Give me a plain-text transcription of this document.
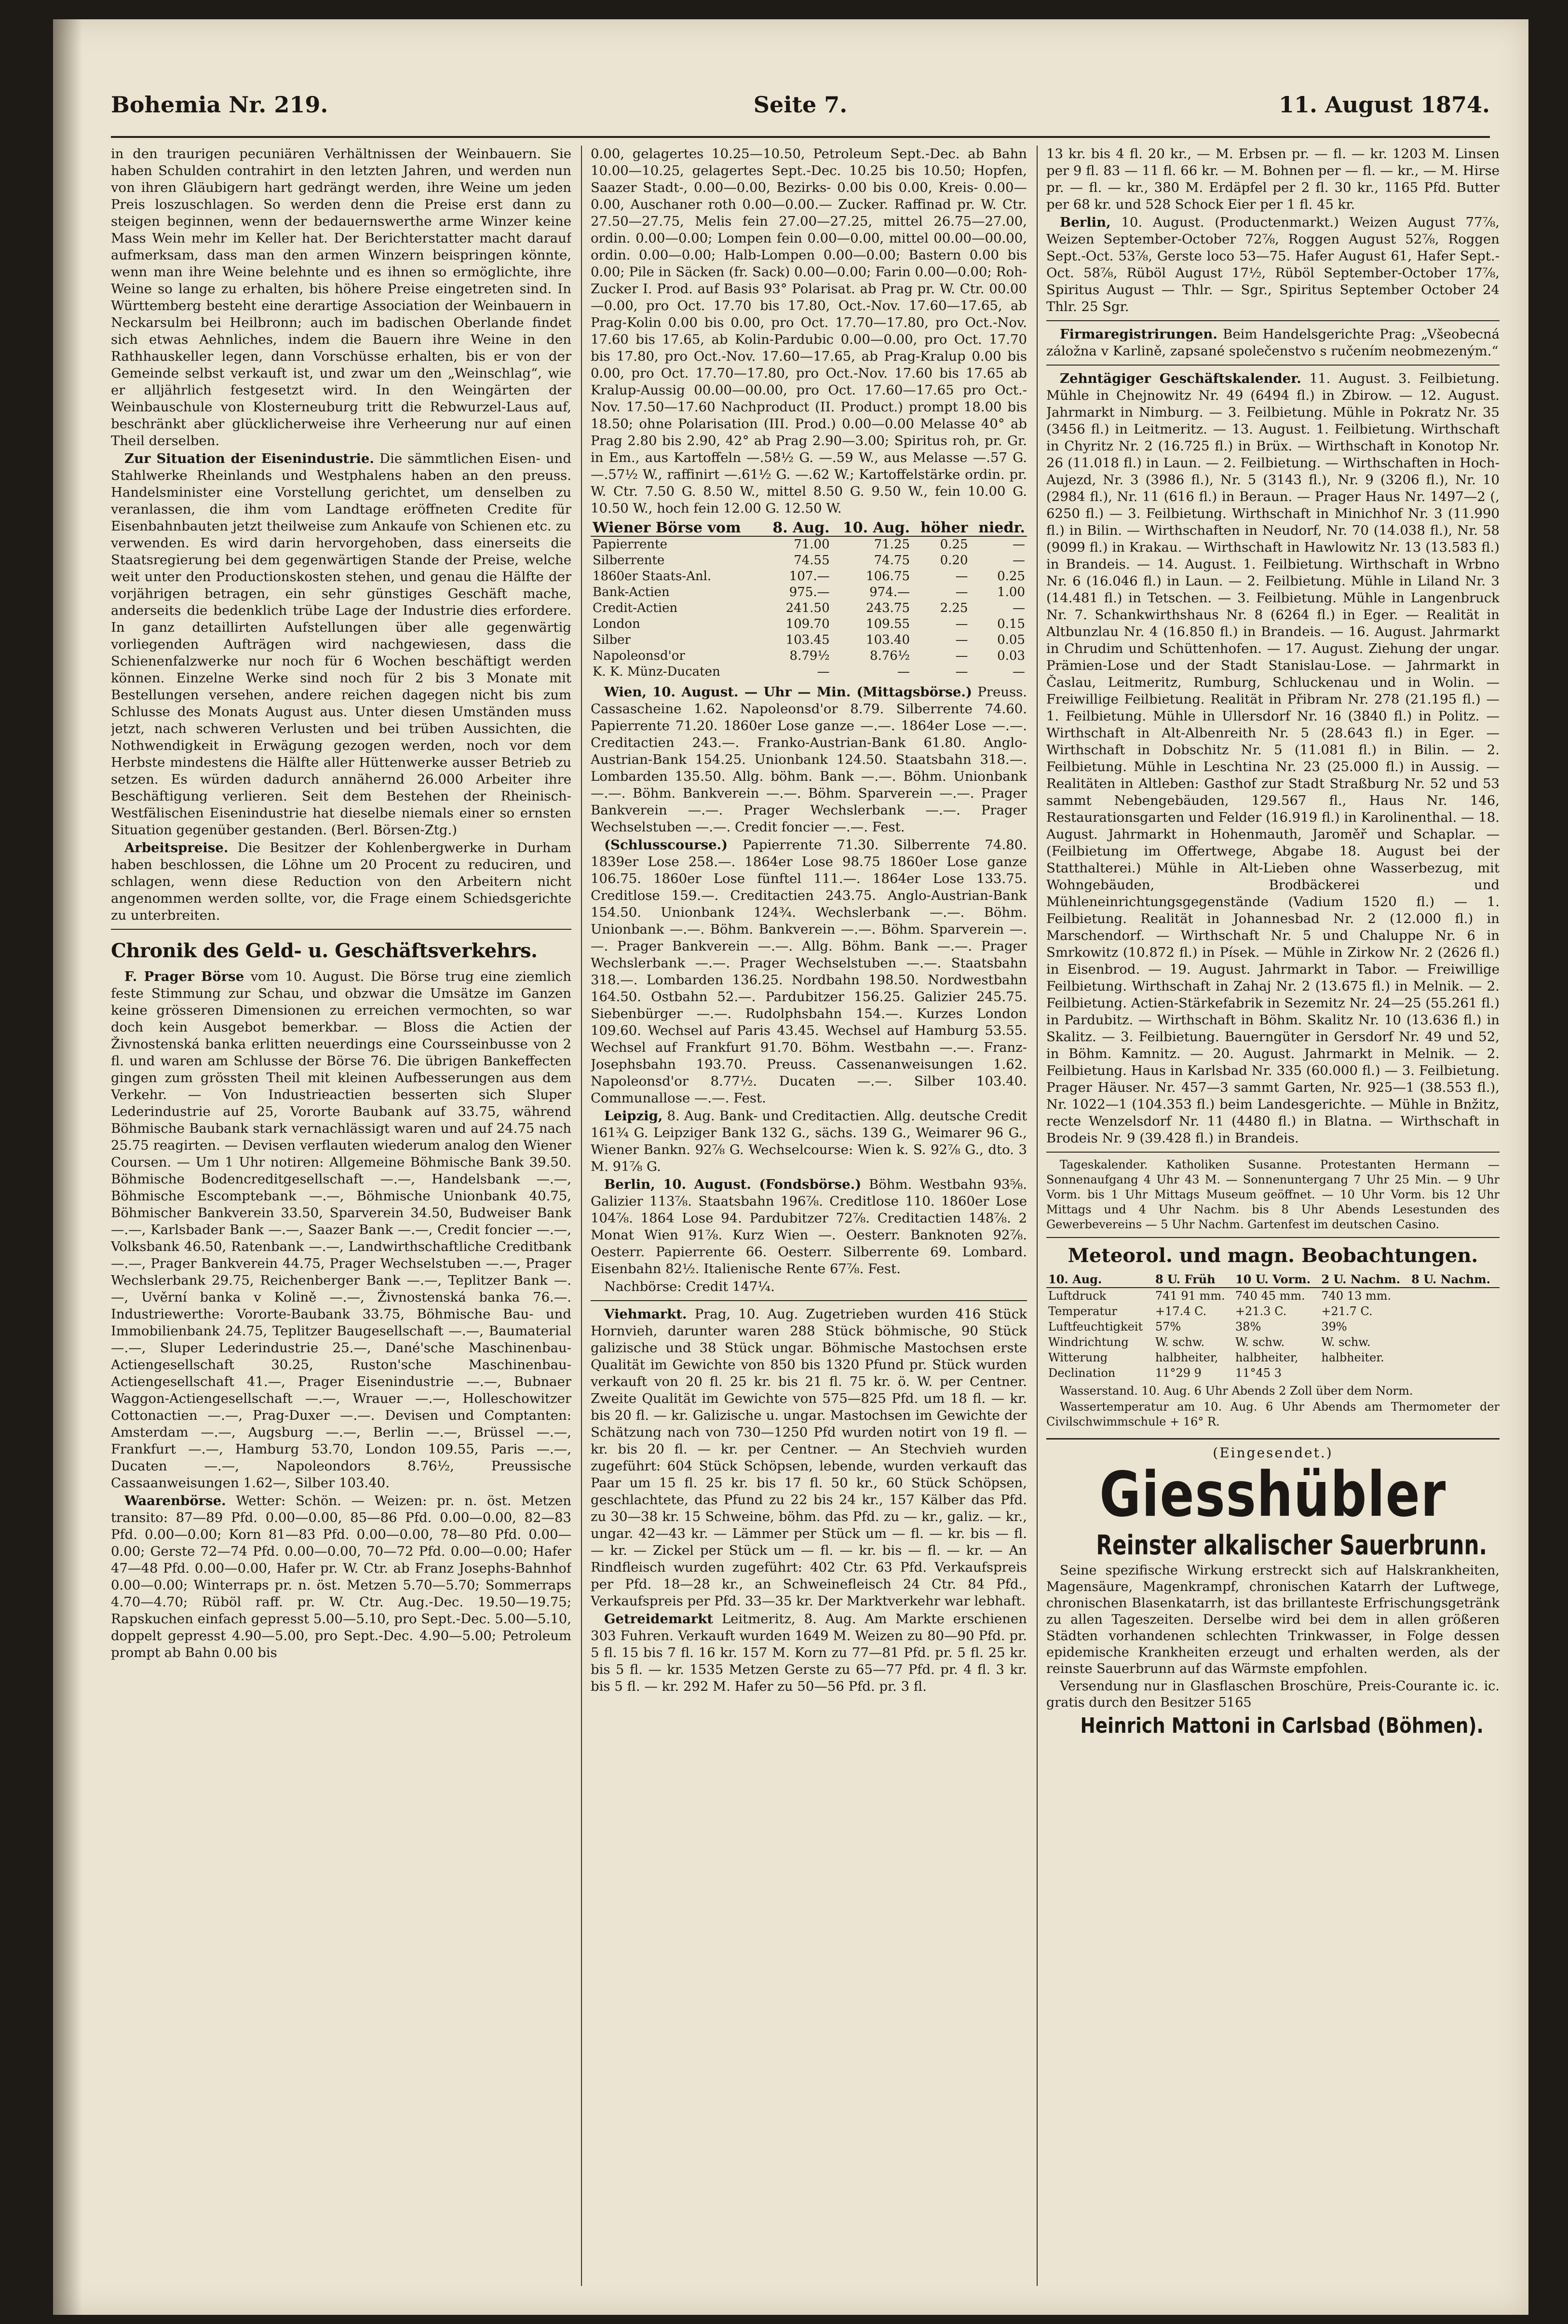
Bohemia Nr. 219.	Seite 7.	11. August 1874.

in den traurigen pecuniären Verhältnissen der Weinbauern. Sie haben Schulden contrahirt in den letzten Jahren, und werden nun von ihren Gläubigern hart gedrängt werden, ihre Weine um jeden Preis loszuschlagen. So werden denn die Preise erst dann zu steigen beginnen, wenn der bedauernswerthe arme Winzer keine Mass Wein mehr im Keller hat. Der Berichterstatter macht darauf aufmerksam, dass man den armen Winzern beispringen könnte, wenn man ihre Weine belehnte und es ihnen so ermöglichte, ihre Weine so lange zu erhalten, bis höhere Preise eingetreten sind. In Württemberg besteht eine derartige Association der Weinbauern in Neckarsulm bei Heilbronn; auch im badischen Oberlande findet sich etwas Aehnliches, indem die Bauern ihre Weine in den Rathhauskeller legen, dann Vorschüsse erhalten, bis er von der Gemeinde selbst verkauft ist, und zwar um den „Weinschlag“, wie er alljährlich festgesetzt wird. In den Weingärten der Weinbauschule von Klosterneuburg tritt die Rebwurzel-Laus auf, beschränkt aber glücklicherweise ihre Verheerung nur auf einen Theil derselben.

Zur Situation der Eisenindustrie. Die sämmtlichen Eisen- und Stahlwerke Rheinlands und Westphalens haben an den preuss. Handelsminister eine Vorstellung gerichtet, um denselben zu veranlassen, die ihm vom Landtage eröffneten Credite für Eisenbahnbauten jetzt theilweise zum Ankaufe von Schienen etc. zu verwenden. Es wird darin hervorgehoben, dass einerseits die Staatsregierung bei dem gegenwärtigen Stande der Preise, welche weit unter den Productionskosten stehen, und genau die Hälfte der vorjährigen betragen, ein sehr günstiges Geschäft mache, anderseits die bedenklich trübe Lage der Industrie dies erfordere. In ganz detaillirten Aufstellungen über alle gegenwärtig vorliegenden Aufträgen wird nachgewiesen, dass die Schienenfalzwerke nur noch für 6 Wochen beschäftigt werden können. Einzelne Werke sind noch für 2 bis 3 Monate mit Bestellungen versehen, andere reichen dagegen nicht bis zum Schlusse des Monats August aus. Unter diesen Umständen muss jetzt, nach schweren Verlusten und bei trüben Aussichten, die Nothwendigkeit in Erwägung gezogen werden, noch vor dem Herbste mindestens die Hälfte aller Hüttenwerke ausser Betrieb zu setzen. Es würden dadurch annähernd 26.000 Arbeiter ihre Beschäftigung verlieren. Seit dem Bestehen der Rheinisch-Westfälischen Eisenindustrie hat dieselbe niemals einer so ernsten Situation gegenüber gestanden. (Berl. Börsen-Ztg.)

Arbeitspreise. Die Besitzer der Kohlenbergwerke in Durham haben beschlossen, die Löhne um 20 Procent zu reduciren, und schlagen, wenn diese Reduction von den Arbeitern nicht angenommen werden sollte, vor, die Frage einem Schiedsgerichte zu unterbreiten.

Chronik des Geld- u. Geschäftsverkehrs.

F. Prager Börse vom 10. August. Die Börse trug eine ziemlich feste Stimmung zur Schau, und obzwar die Umsätze im Ganzen keine grösseren Dimensionen zu erreichen vermochten, so war doch kein Ausgebot bemerkbar. — Bloss die Actien der Živnostenská banka erlitten neuerdings eine Coursseinbusse von 2 fl. und waren am Schlusse der Börse 76. Die übrigen Bankeffecten gingen zum grössten Theil mit kleinen Aufbesserungen aus dem Verkehr. — Von Industrieactien besserten sich Sluper Lederindustrie auf 25, Vororte Baubank auf 33.75, während Böhmische Baubank stark vernachlässigt waren und auf 24.75 nach 25.75 reagirten. — Devisen verflauten wiederum analog den Wiener Coursen. — Um 1 Uhr notiren: Allgemeine Böhmische Bank 39.50. Böhmische Bodencreditgesellschaft —.—, Handelsbank —.—, Böhmische Escomptebank —.—, Böhmische Unionbank 40.75, Böhmischer Bankverein 33.50, Sparverein 34.50, Budweiser Bank —.—, Karlsbader Bank —.—, Saazer Bank —.—, Credit foncier —.—, Volksbank 46.50, Ratenbank —.—, Landwirthschaftliche Creditbank —.—, Prager Bankverein 44.75, Prager Wechselstuben —.—, Prager Wechslerbank 29.75, Reichenberger Bank —.—, Teplitzer Bank —.—, Uvěrní banka v Kolině —.—, Živnostenská banka 76.—. Industriewerthe: Vororte-Baubank 33.75, Böhmische Bau- und Immobilienbank 24.75, Teplitzer Baugesellschaft —.—, Baumaterial —.—, Sluper Lederindustrie 25.—, Dané'sche Maschinenbau-Actiengesellschaft 30.25, Ruston'sche Maschinenbau-Actiengesellschaft 41.—, Prager Eisenindustrie —.—, Bubnaer Waggon-Actiengesellschaft —.—, Wrauer —.—, Holleschowitzer Cottonactien —.—, Prag-Duxer —.—. Devisen und Comptanten: Amsterdam —.—, Augsburg —.—, Berlin —.—, Brüssel —.—, Frankfurt —.—, Hamburg 53.70, London 109.55, Paris —.—, Ducaten —.—, Napoleondors 8.76½, Preussische Cassaanweisungen 1.62—, Silber 103.40.

Waarenbörse. Wetter: Schön. — Weizen: pr. n. öst. Metzen transito: 87—89 Pfd. 0.00—0.00, 85—86 Pfd. 0.00—0.00, 82—83 Pfd. 0.00—0.00; Korn 81—83 Pfd. 0.00—0.00, 78—80 Pfd. 0.00—0.00; Gerste 72—74 Pfd. 0.00—0.00, 70—72 Pfd. 0.00—0.00; Hafer 47—48 Pfd. 0.00—0.00, Hafer pr. W. Ctr. ab Franz Josephs-Bahnhof 0.00—0.00; Winterraps pr. n. öst. Metzen 5.70—5.70; Sommerraps 4.70—4.70; Rüböl raff. pr. W. Ctr. Aug.-Dec. 19.50—19.75; Rapskuchen einfach gepresst 5.00—5.10, pro Sept.-Dec. 5.00—5.10, doppelt gepresst 4.90—5.00, pro Sept.-Dec. 4.90—5.00; Petroleum prompt ab Bahn 0.00 bis

0.00, gelagertes 10.25—10.50, Petroleum Sept.-Dec. ab Bahn 10.00—10.25, gelagertes Sept.-Dec. 10.25 bis 10.50; Hopfen, Saazer Stadt-, 0.00—0.00, Bezirks- 0.00 bis 0.00, Kreis- 0.00—0.00, Auschaner roth 0.00—0.00.— Zucker. Raffinad pr. W. Ctr. 27.50—27.75, Melis fein 27.00—27.25, mittel 26.75—27.00, ordin. 0.00—0.00; Lompen fein 0.00—0.00, mittel 00.00—00.00, ordin. 0.00—0.00; Halb-Lompen 0.00—0.00; Bastern 0.00 bis 0.00; Pile in Säcken (fr. Sack) 0.00—0.00; Farin 0.00—0.00; Roh-Zucker I. Prod. auf Basis 93° Polarisat. ab Prag pr. W. Ctr. 00.00—0.00, pro Oct. 17.70 bis 17.80, Oct.-Nov. 17.60—17.65, ab Prag-Kolin 0.00 bis 0.00, pro Oct. 17.70—17.80, pro Oct.-Nov. 17.60 bis 17.65, ab Kolin-Pardubic 0.00—0.00, pro Oct. 17.70 bis 17.80, pro Oct.-Nov. 17.60—17.65, ab Prag-Kralup 0.00 bis 0.00, pro Oct. 17.70—17.80, pro Oct.-Nov. 17.60 bis 17.65 ab Kralup-Aussig 00.00—00.00, pro Oct. 17.60—17.65 pro Oct.-Nov. 17.50—17.60 Nachproduct (II. Product.) prompt 18.00 bis 18.50; ohne Polarisation (III. Prod.) 0.00—0.00 Melasse 40° ab Prag 2.80 bis 2.90, 42° ab Prag 2.90—3.00; Spiritus roh, pr. Gr. in Em., aus Kartoffeln —.58½ G. —.59 W., aus Melasse —.57 G. —.57½ W., raffinirt —.61½ G. —.62 W.; Kartoffelstärke ordin. pr. W. Ctr. 7.50 G. 8.50 W., mittel 8.50 G. 9.50 W., fein 10.00 G. 10.50 W., hoch fein 12.00 G. 12.50 W.

Wiener Börse vom	8. Aug.	10. Aug.	höher	niedr.
Papierrente	71.00	71.25	0.25	—
Silberrente	74.55	74.75	0.20	—
1860er Staats-Anl.	107.—	106.75	—	0.25
Bank-Actien	975.—	974.—	—	1.00
Credit-Actien	241.50	243.75	2.25	—
London	109.70	109.55	—	0.15
Silber	103.45	103.40	—	0.05
Napoleonsd'or	8.79½	8.76½	—	0.03
K. K. Münz-Ducaten	—	—	—	—

Wien, 10. August. — Uhr — Min. (Mittagsbörse.) Preuss. Cassascheine 1.62. Napoleonsd'or 8.79. Silberrente 74.60. Papierrente 71.20. 1860er Lose ganze —.—. 1864er Lose —.—. Creditactien 243.—. Franko-Austrian-Bank 61.80. Anglo-Austrian-Bank 154.25. Unionbank 124.50. Staatsbahn 318.—. Lombarden 135.50. Allg. böhm. Bank —.—. Böhm. Unionbank —.—. Böhm. Bankverein —.—. Böhm. Sparverein —.—. Prager Bankverein —.—. Prager Wechslerbank —.—. Prager Wechselstuben —.—. Credit foncier —.—. Fest.

(Schlusscourse.) Papierrente 71.30. Silberrente 74.80. 1839er Lose 258.—. 1864er Lose 98.75 1860er Lose ganze 106.75. 1860er Lose fünftel 111.—. 1864er Lose 133.75. Creditlose 159.—. Creditactien 243.75. Anglo-Austrian-Bank 154.50. Unionbank 124¾. Wechslerbank —.—. Böhm. Unionbank —.—. Böhm. Bankverein —.—. Böhm. Sparverein —.—. Prager Bankverein —.—. Allg. Böhm. Bank —.—. Prager Wechslerbank —.—. Prager Wechselstuben —.—. Staatsbahn 318.—. Lombarden 136.25. Nordbahn 198.50. Nordwestbahn 164.50. Ostbahn 52.—. Pardubitzer 156.25. Galizier 245.75. Siebenbürger —.—. Rudolphsbahn 154.—. Kurzes London 109.60. Wechsel auf Paris 43.45. Wechsel auf Hamburg 53.55. Wechsel auf Frankfurt 91.70. Böhm. Westbahn —.—. Franz-Josephsbahn 193.70. Preuss. Cassenanweisungen 1.62. Napoleonsd'or 8.77½. Ducaten —.—. Silber 103.40. Communallose —.—. Fest.

Leipzig, 8. Aug. Bank- und Creditactien. Allg. deutsche Credit 161¾ G. Leipziger Bank 132 G., sächs. 139 G., Weimarer 96 G., Wiener Bankn. 92⅞ G. Wechselcourse: Wien k. S. 92⅞ G., dto. 3 M. 91⅞ G.

Berlin, 10. August. (Fondsbörse.) Böhm. Westbahn 93⅝. Galizier 113⅞. Staatsbahn 196⅞. Creditlose 110. 1860er Lose 104⅞. 1864 Lose 94. Pardubitzer 72⅞. Creditactien 148⅞. 2 Monat Wien 91⅞. Kurz Wien —. Oesterr. Banknoten 92⅞. Oesterr. Papierrente 66. Oesterr. Silberrente 69. Lombard. Eisenbahn 82½. Italienische Rente 67⅞. Fest.

Nachbörse: Credit 147¼.

Viehmarkt. Prag, 10. Aug. Zugetrieben wurden 416 Stück Hornvieh, darunter waren 288 Stück böhmische, 90 Stück galizische und 38 Stück ungar. Böhmische Mastochsen erste Qualität im Gewichte von 850 bis 1320 Pfund pr. Stück wurden verkauft von 20 fl. 25 kr. bis 21 fl. 75 kr. ö. W. per Centner. Zweite Qualität im Gewichte von 575—825 Pfd. um 18 fl. — kr. bis 20 fl. — kr. Galizische u. ungar. Mastochsen im Gewichte der Schätzung nach von 730—1250 Pfd wurden notirt von 19 fl. — kr. bis 20 fl. — kr. per Centner. — An Stechvieh wurden zugeführt: 604 Stück Schöpsen, lebende, wurden verkauft das Paar um 15 fl. 25 kr. bis 17 fl. 50 kr., 60 Stück Schöpsen, geschlachtete, das Pfund zu 22 bis 24 kr., 157 Kälber das Pfd. zu 30—38 kr. 15 Schweine, böhm. das Pfd. zu — kr., galiz. — kr., ungar. 42—43 kr. — Lämmer per Stück um — fl. — kr. bis — fl. — kr. — Zickel per Stück um — fl. — kr. bis — fl. — kr. — An Rindfleisch wurden zugeführt: 402 Ctr. 63 Pfd. Verkaufspreis per Pfd. 18—28 kr., an Schweinefleisch 24 Ctr. 84 Pfd., Verkaufspreis per Pfd. 33—35 kr. Der Marktverkehr war lebhaft.

Getreidemarkt Leitmeritz, 8. Aug. Am Markte erschienen 303 Fuhren. Verkauft wurden 1649 M. Weizen zu 80—90 Pfd. pr. 5 fl. 15 bis 7 fl. 16 kr. 157 M. Korn zu 77—81 Pfd. pr. 5 fl. 25 kr. bis 5 fl. — kr. 1535 Metzen Gerste zu 65—77 Pfd. pr. 4 fl. 3 kr. bis 5 fl. — kr. 292 M. Hafer zu 50—56 Pfd. pr. 3 fl.

13 kr. bis 4 fl. 20 kr., — M. Erbsen pr. — fl. — kr. 1203 M. Linsen per 9 fl. 83 — 11 fl. 66 kr. — M. Bohnen per — fl. — kr., — M. Hirse pr. — fl. — kr., 380 M. Erdäpfel per 2 fl. 30 kr., 1165 Pfd. Butter per 68 kr. und 528 Schock Eier per 1 fl. 45 kr.

Berlin, 10. August. (Productenmarkt.) Weizen August 77⅞, Weizen September-October 72⅞, Roggen August 52⅞, Roggen Sept.-Oct. 53⅞, Gerste loco 53—75. Hafer August 61, Hafer Sept.-Oct. 58⅞, Rüböl August 17½, Rüböl September-October 17⅞, Spiritus August — Thlr. — Sgr., Spiritus September October 24 Thlr. 25 Sgr.

Firmaregistrirungen. Beim Handelsgerichte Prag: „Všeobecná záložna v Karlině, zapsané společenstvo s ručením neobmezeným.“

Zehntägiger Geschäftskalender. 11. August. 3. Feilbietung. Mühle in Chejnowitz Nr. 49 (6494 fl.) in Zbirow. — 12. August. Jahrmarkt in Nimburg. — 3. Feilbietung. Mühle in Pokratz Nr. 35 (3456 fl.) in Leitmeritz. — 13. August. 1. Feilbietung. Wirthschaft in Chyritz Nr. 2 (16.725 fl.) in Brüx. — Wirthschaft in Konotop Nr. 26 (11.018 fl.) in Laun. — 2. Feilbietung. — Wirthschaften in Hoch-Aujezd, Nr. 3 (3986 fl.), Nr. 5 (3143 fl.), Nr. 9 (3206 fl.), Nr. 10 (2984 fl.), Nr. 11 (616 fl.) in Beraun. — Prager Haus Nr. 1497—2 (, 6250 fl.) — 3. Feilbietung. Wirthschaft in Minichhof Nr. 3 (11.990 fl.) in Bilin. — Wirthschaften in Neudorf, Nr. 70 (14.038 fl.), Nr. 58 (9099 fl.) in Krakau. — Wirthschaft in Hawlowitz Nr. 13 (13.583 fl.) in Brandeis. — 14. August. 1. Feilbietung. Wirthschaft in Wrbno Nr. 6 (16.046 fl.) in Laun. — 2. Feilbietung. Mühle in Liland Nr. 3 (14.481 fl.) in Tetschen. — 3. Feilbietung. Mühle in Langenbruck Nr. 7. Schankwirthshaus Nr. 8 (6264 fl.) in Eger. — Realität in Altbunzlau Nr. 4 (16.850 fl.) in Brandeis. — 16. August. Jahrmarkt in Chrudim und Schüttenhofen. — 17. August. Ziehung der ungar. Prämien-Lose und der Stadt Stanislau-Lose. — Jahrmarkt in Časlau, Leitmeritz, Rumburg, Schluckenau und in Wolin. — Freiwillige Feilbietung. Realität in Přibram Nr. 278 (21.195 fl.) — 1. Feilbietung. Mühle in Ullersdorf Nr. 16 (3840 fl.) in Politz. — Wirthschaft in Alt-Albenreith Nr. 5 (28.643 fl.) in Eger. — Wirthschaft in Dobschitz Nr. 5 (11.081 fl.) in Bilin. — 2. Feilbietung. Mühle in Leschtina Nr. 23 (25.000 fl.) in Aussig. — Realitäten in Altleben: Gasthof zur Stadt Straßburg Nr. 52 und 53 sammt Nebengebäuden, 129.567 fl., Haus Nr. 146, Restaurationsgarten und Felder (16.919 fl.) in Karolinenthal. — 18. August. Jahrmarkt in Hohenmauth, Jaroměř und Schaplar. — (Feilbietung im Offertwege, Abgabe 18. August bei der Statthalterei.) Mühle in Alt-Lieben ohne Wasserbezug, mit Wohngebäuden, Brodbäckerei und Mühleneinrichtungsgegenstände (Vadium 1520 fl.) — 1. Feilbietung. Realität in Johannesbad Nr. 2 (12.000 fl.) in Marschendorf. — Wirthschaft Nr. 5 und Chaluppe Nr. 6 in Smrkowitz (10.872 fl.) in Písek. — Mühle in Zirkow Nr. 2 (2626 fl.) in Eisenbrod. — 19. August. Jahrmarkt in Tabor. — Freiwillige Feilbietung. Wirthschaft in Zahaj Nr. 2 (13.675 fl.) in Melnik. — 2. Feilbietung. Actien-Stärkefabrik in Sezemitz Nr. 24—25 (55.261 fl.) in Pardubitz. — Wirthschaft in Böhm. Skalitz Nr. 10 (13.636 fl.) in Skalitz. — 3. Feilbietung. Bauerngüter in Gersdorf Nr. 49 und 52, in Böhm. Kamnitz. — 20. August. Jahrmarkt in Melnik. — 2. Feilbietung. Haus in Karlsbad Nr. 335 (60.000 fl.) — 3. Feilbietung. Prager Häuser. Nr. 457—3 sammt Garten, Nr. 925—1 (38.553 fl.), Nr. 1022—1 (104.353 fl.) beim Landesgerichte. — Mühle in Bnžitz, recte Wenzelsdorf Nr. 11 (4480 fl.) in Blatna. — Wirthschaft in Brodeis Nr. 9 (39.428 fl.) in Brandeis.

Tageskalender. Katholiken Susanne. Protestanten Hermann — Sonnenaufgang 4 Uhr 43 M. — Sonnenuntergang 7 Uhr 25 Min. — 9 Uhr Vorm. bis 1 Uhr Mittags Museum geöffnet. — 10 Uhr Vorm. bis 12 Uhr Mittags und 4 Uhr Nachm. bis 8 Uhr Abends Lesestunden des Gewerbevereins — 5 Uhr Nachm. Gartenfest im deutschen Casino.

Meteorol. und magn. Beobachtungen.
10. Aug.	8 U. Früh	10 U. Vorm.	2 U. Nachm.	8 U. Nachm.
Luftdruck	741 91 mm.	740 45 mm.	740 13 mm.	
Temperatur	+17.4 C.	+21.3 C.	+21.7 C.	
Luftfeuchtigkeit	57%	38%	39%	
Windrichtung	W. schw.	W. schw.	W. schw.	
Witterung	halbheiter,	halbheiter,	halbheiter.	
Declination	11°29 9	11°45 3		

Wasserstand. 10. Aug. 6 Uhr Abends 2 Zoll über dem Norm.

Wassertemperatur am 10. Aug. 6 Uhr Abends am Thermometer der Civilschwimmschule + 16° R.

(Eingesendet.)
Giesshübler
Reinster alkalischer Sauerbrunn.

Seine spezifische Wirkung erstreckt sich auf Halskrankheiten, Magensäure, Magenkrampf, chronischen Katarrh der Luftwege, chronischen Blasenkatarrh, ist das brillanteste Erfrischungsgetränk zu allen Tageszeiten. Derselbe wird bei dem in allen größeren Städten vorhandenen schlechten Trinkwasser, in Folge dessen epidemische Krankheiten erzeugt und erhalten werden, als der reinste Sauerbrunn auf das Wärmste empfohlen.

Versendung nur in Glasflaschen Broschüre, Preis-Courante ic. ic. gratis durch den Besitzer 5165

Heinrich Mattoni in Carlsbad (Böhmen).
